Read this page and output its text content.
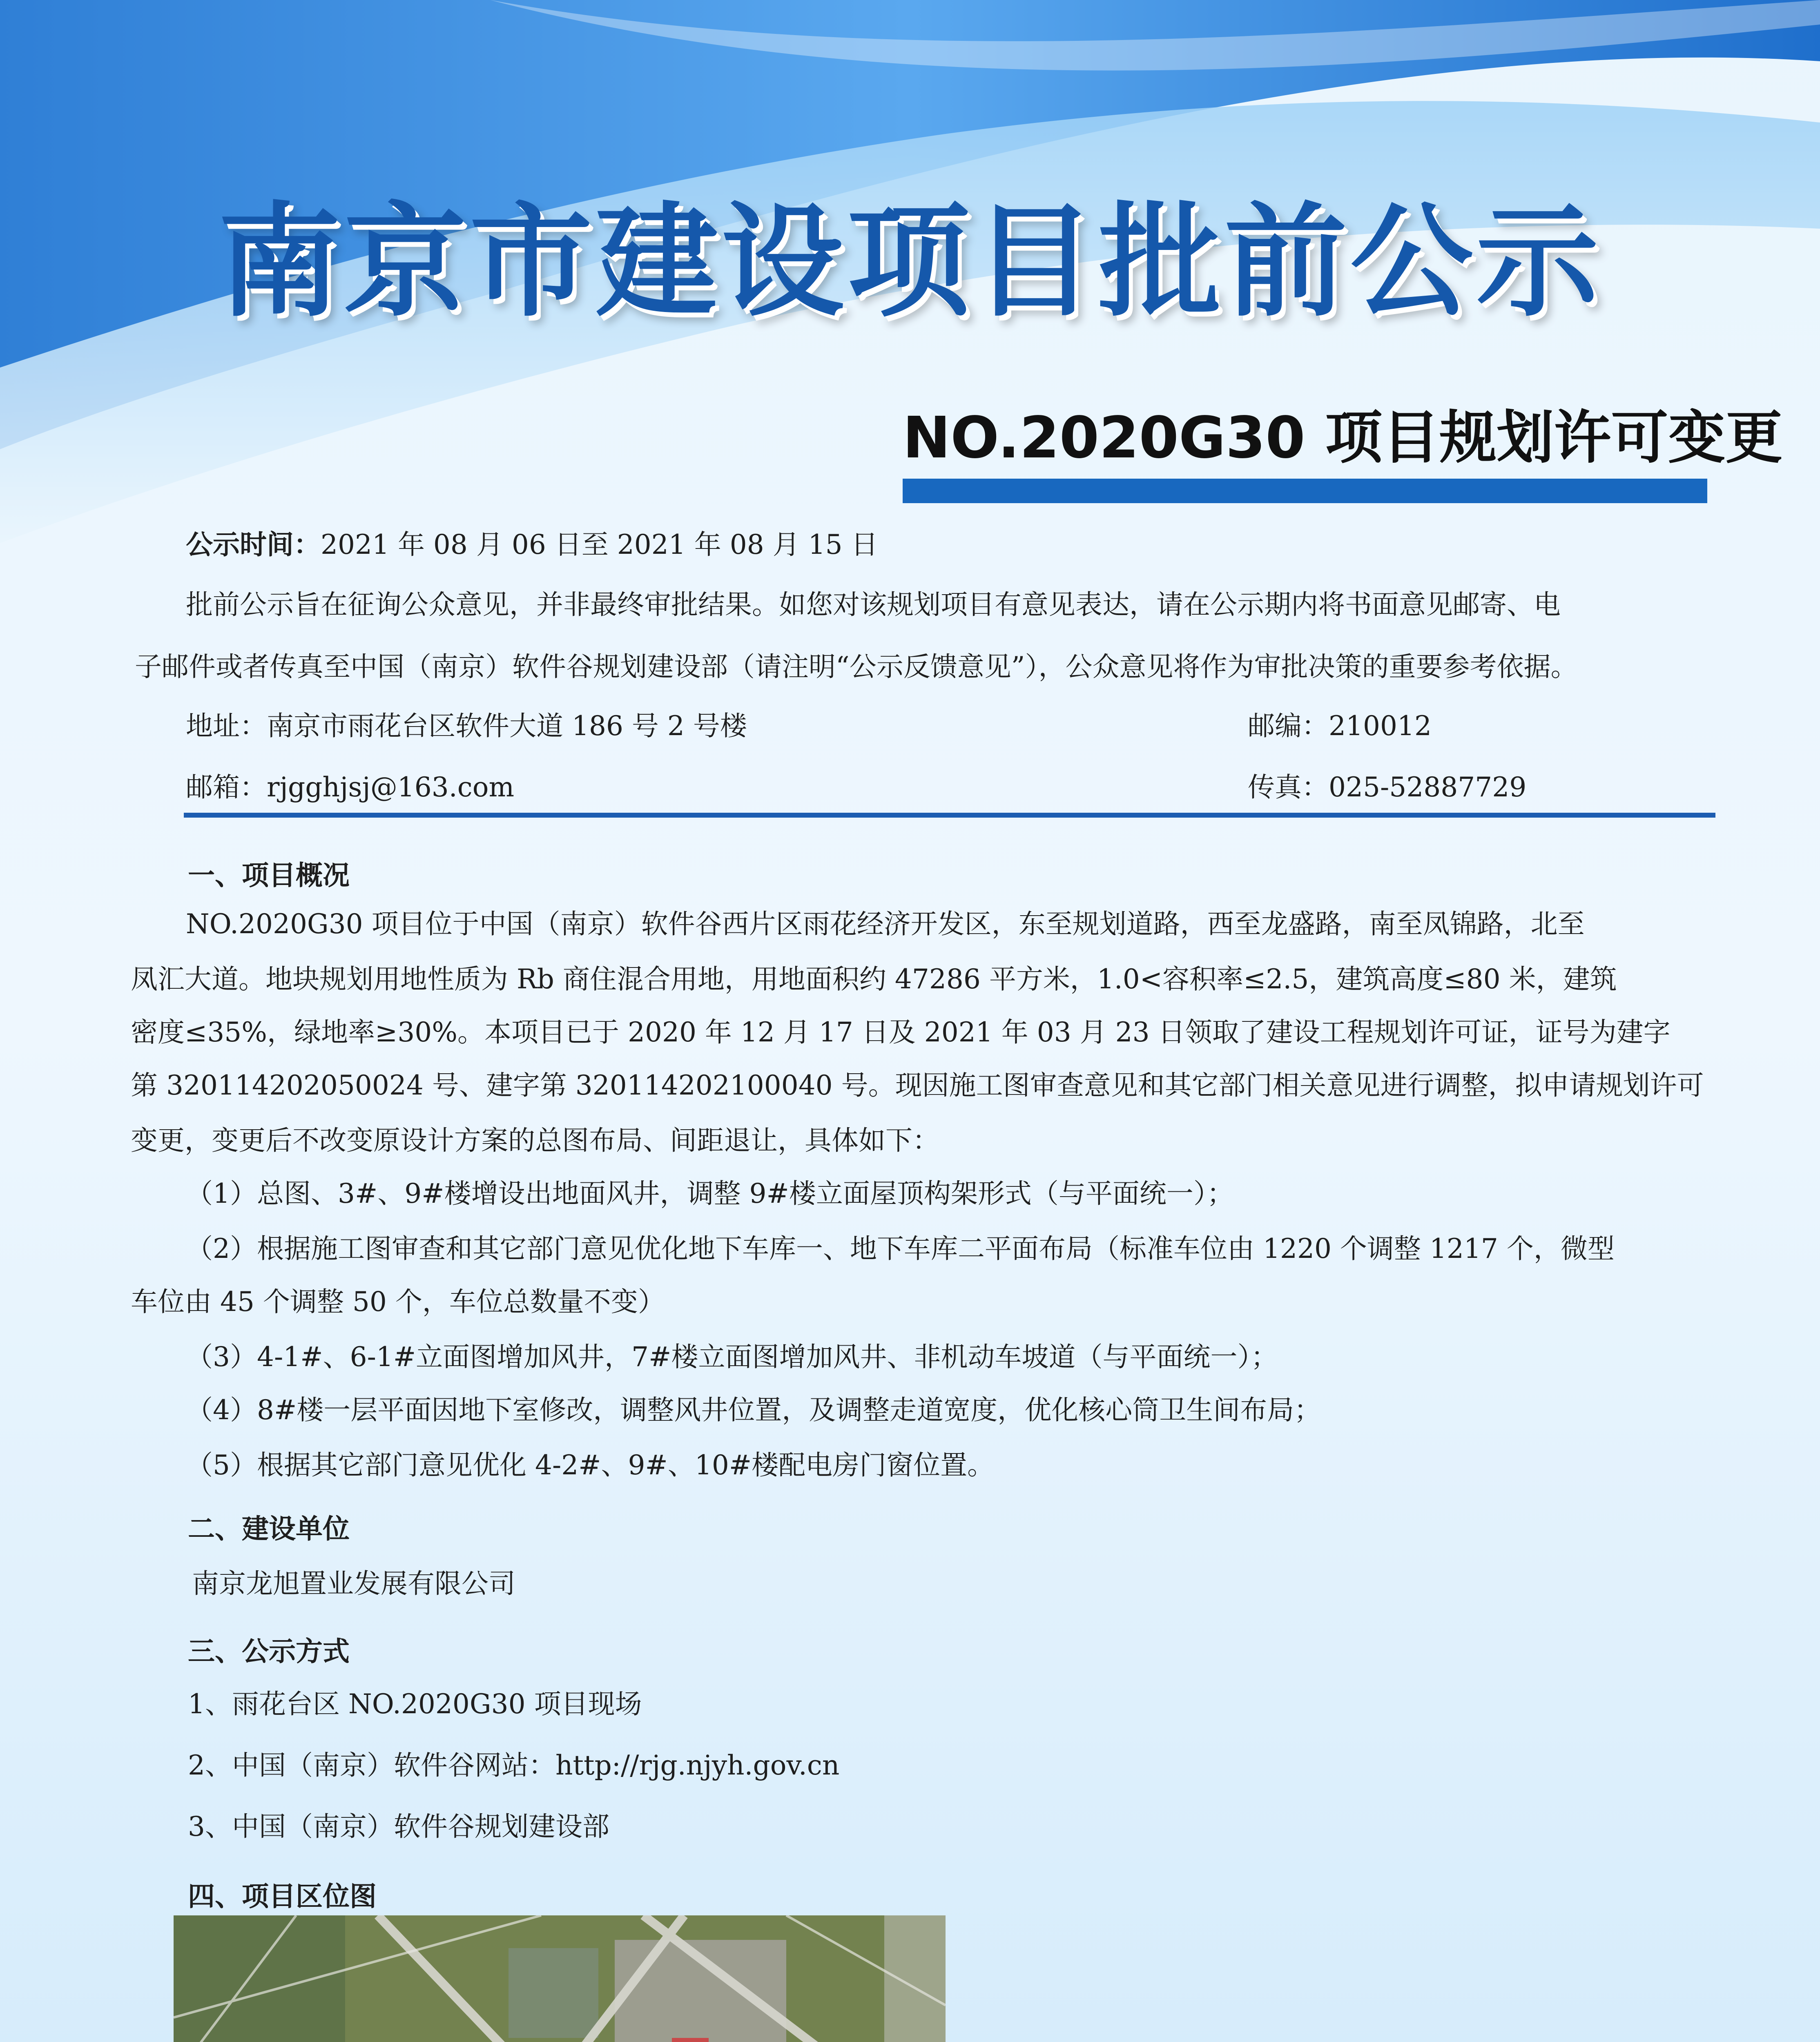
南京市建设项目批前公示
NO.2020G30 项目规划许可变更
公示时间：2021 年 08 月 06 日至 2021 年 08 月 15 日
批前公示旨在征询公众意见，并非最终审批结果。如您对该规划项目有意见表达，请在公示期内将书面意见邮寄、电
子邮件或者传真至中国（南京）软件谷规划建设部（请注明“公示反馈意见”），公众意见将作为审批决策的重要参考依据。
地址：南京市雨花台区软件大道 186 号 2 号楼	邮编：210012
邮箱：rjgghjsj@163.com	传真：025-52887729
一、项目概况
NO.2020G30 项目位于中国（南京）软件谷西片区雨花经济开发区，东至规划道路，西至龙盛路，南至凤锦路，北至
凤汇大道。地块规划用地性质为 Rb 商住混合用地，用地面积约 47286 平方米，1.0<容积率≤2.5，建筑高度≤80 米，建筑
密度≤35%，绿地率≥30%。本项目已于 2020 年 12 月 17 日及 2021 年 03 月 23 日领取了建设工程规划许可证，证号为建字
第 320114202050024 号、建字第 320114202100040 号。现因施工图审查意见和其它部门相关意见进行调整，拟申请规划许可
变更，变更后不改变原设计方案的总图布局、间距退让，具体如下：
（1）总图、3#、9#楼增设出地面风井，调整 9#楼立面屋顶构架形式（与平面统一）；
（2）根据施工图审查和其它部门意见优化地下车库一、地下车库二平面布局（标准车位由 1220 个调整 1217 个，微型
车位由 45 个调整 50 个，车位总数量不变）
（3）4-1#、6-1#立面图增加风井，7#楼立面图增加风井、非机动车坡道（与平面统一）；
（4）8#楼一层平面因地下室修改，调整风井位置，及调整走道宽度，优化核心筒卫生间布局；
（5）根据其它部门意见优化 4-2#、9#、10#楼配电房门窗位置。
二、建设单位
南京龙旭置业发展有限公司
三、公示方式
1、雨花台区 NO.2020G30 项目现场
2、中国（南京）软件谷网站：http://rjg.njyh.gov.cn
3、中国（南京）软件谷规划建设部
四、项目区位图
